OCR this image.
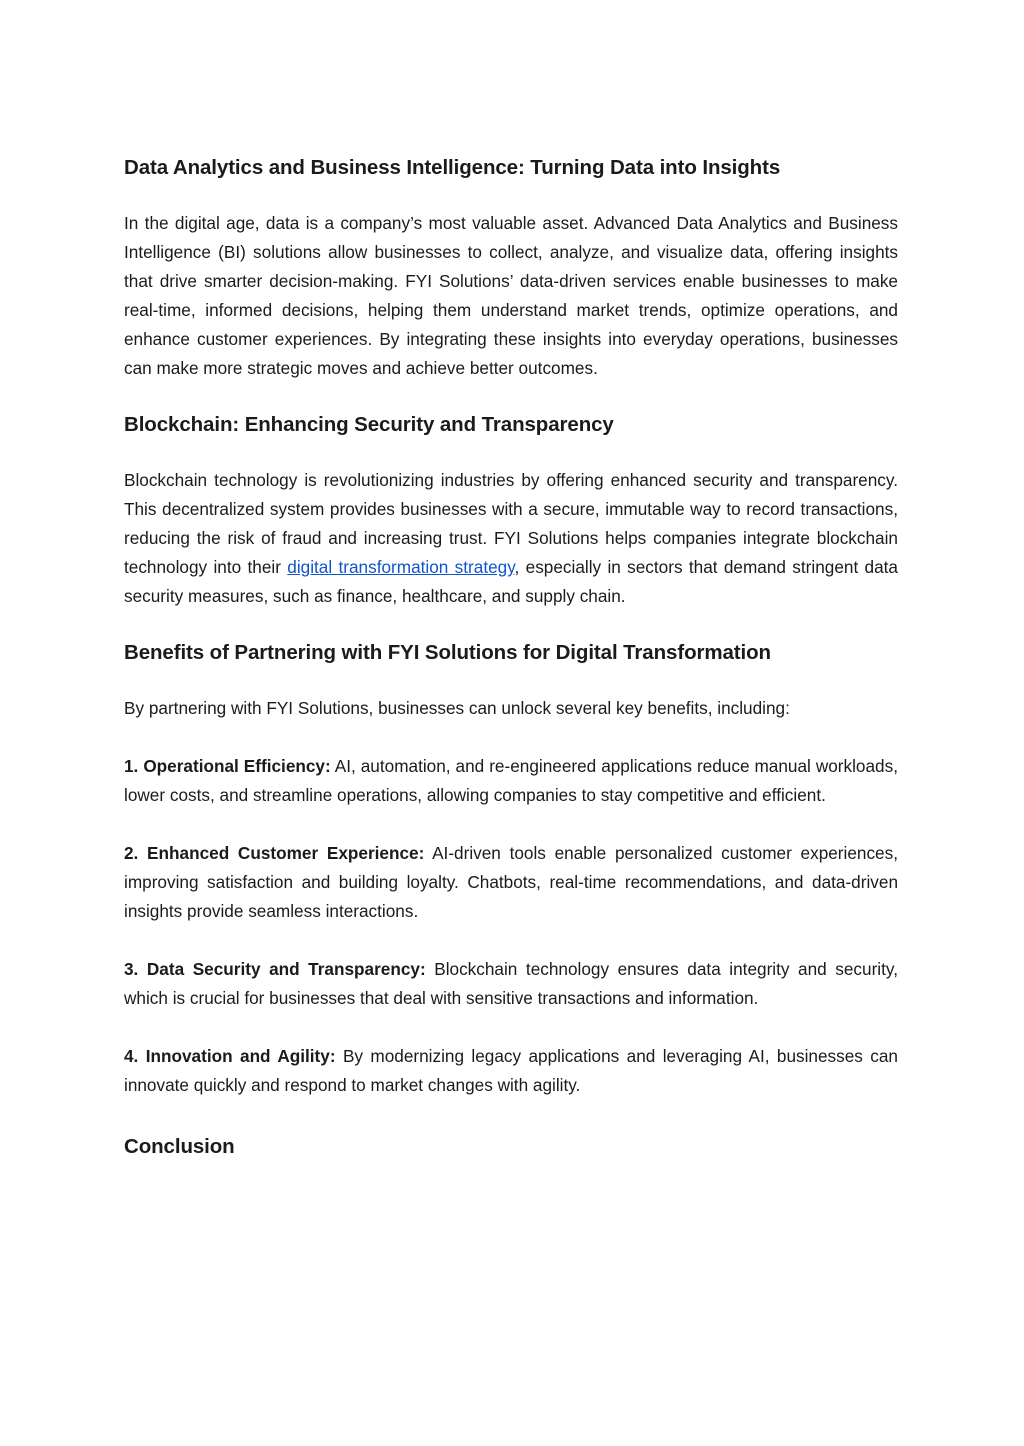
Data Analytics and Business Intelligence: Turning Data into Insights

In the digital age, data is a company’s most valuable asset. Advanced Data Analytics and Business Intelligence (BI) solutions allow businesses to collect, analyze, and visualize data, offering insights that drive smarter decision-making. FYI Solutions’ data-driven services enable businesses to make real-time, informed decisions, helping them understand market trends, optimize operations, and enhance customer experiences. By integrating these insights into everyday operations, businesses can make more strategic moves and achieve better outcomes.

Blockchain: Enhancing Security and Transparency

Blockchain technology is revolutionizing industries by offering enhanced security and transparency. This decentralized system provides businesses with a secure, immutable way to record transactions, reducing the risk of fraud and increasing trust. FYI Solutions helps companies integrate blockchain technology into their digital transformation strategy, especially in sectors that demand stringent data security measures, such as finance, healthcare, and supply chain.

Benefits of Partnering with FYI Solutions for Digital Transformation

By partnering with FYI Solutions, businesses can unlock several key benefits, including:

1. Operational Efficiency: AI, automation, and re-engineered applications reduce manual workloads, lower costs, and streamline operations, allowing companies to stay competitive and efficient.

2. Enhanced Customer Experience: AI-driven tools enable personalized customer experiences, improving satisfaction and building loyalty. Chatbots, real-time recommendations, and data-driven insights provide seamless interactions.

3. Data Security and Transparency: Blockchain technology ensures data integrity and security, which is crucial for businesses that deal with sensitive transactions and information.

4. Innovation and Agility: By modernizing legacy applications and leveraging AI, businesses can innovate quickly and respond to market changes with agility.

Conclusion
